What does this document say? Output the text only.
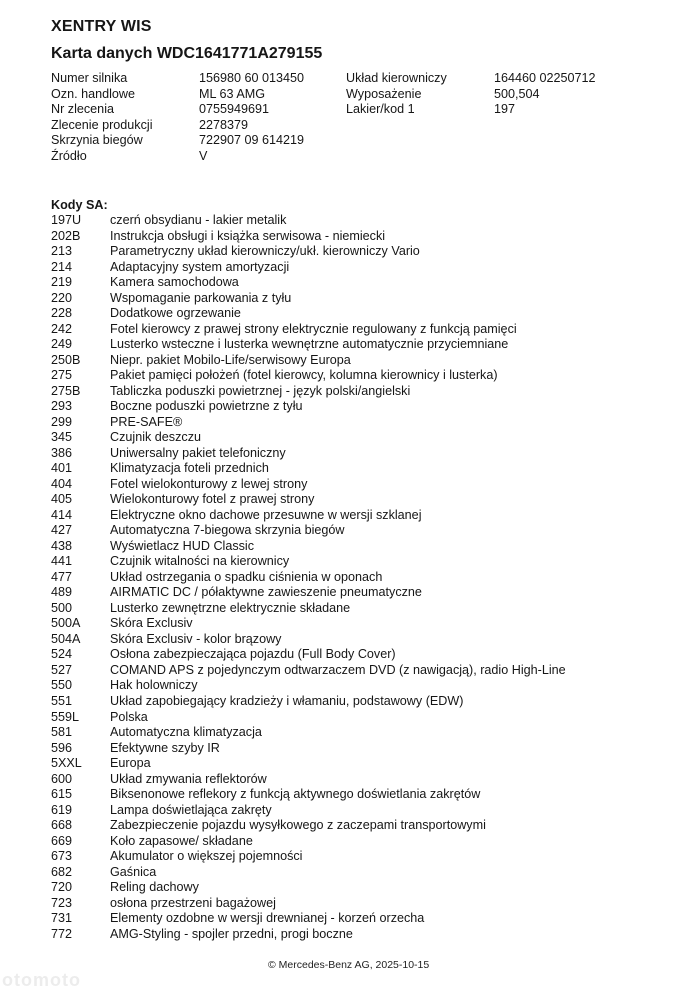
XENTRY WIS
Karta danych WDC1641771A279155
Numer silnika	156980 60 013450
Ozn. handlowe	ML 63 AMG
Nr zlecenia	0755949691
Zlecenie produkcji	2278379
Skrzynia biegów	722907 09 614219
Źródło	V
Układ kierowniczy	164460 02250712
Wyposażenie	500,504
Lakier/kod 1	197
Kody SA:
197U	czerń obsydianu - lakier metalik
202B	Instrukcja obsługi i książka serwisowa - niemiecki
213	Parametryczny układ kierowniczy/ukł. kierowniczy Vario
214	Adaptacyjny system amortyzacji
219	Kamera samochodowa
220	Wspomaganie parkowania z tyłu
228	Dodatkowe ogrzewanie
242	Fotel kierowcy z prawej strony elektrycznie regulowany z funkcją pamięci
249	Lusterko wsteczne i lusterka wewnętrzne automatycznie przyciemniane
250B	Niepr. pakiet Mobilo-Life/serwisowy Europa
275	Pakiet pamięci położeń (fotel kierowcy, kolumna kierownicy i lusterka)
275B	Tabliczka poduszki powietrznej - język polski/angielski
293	Boczne poduszki powietrzne z tyłu
299	PRE-SAFE®
345	Czujnik deszczu
386	Uniwersalny pakiet telefoniczny
401	Klimatyzacja foteli przednich
404	Fotel wielokonturowy z lewej strony
405	Wielokonturowy fotel z prawej strony
414	Elektryczne okno dachowe przesuwne w wersji szklanej
427	Automatyczna 7-biegowa skrzynia biegów
438	Wyświetlacz HUD Classic
441	Czujnik witalności na kierownicy
477	Układ ostrzegania o spadku ciśnienia w oponach
489	AIRMATIC DC / półaktywne zawieszenie pneumatyczne
500	Lusterko zewnętrzne elektrycznie składane
500A	Skóra Exclusiv
504A	Skóra Exclusiv - kolor brązowy
524	Osłona zabezpieczająca pojazdu (Full Body Cover)
527	COMAND APS z pojedynczym odtwarzaczem DVD (z nawigacją), radio High-Line
550	Hak holowniczy
551	Układ zapobiegający kradzieży i włamaniu, podstawowy (EDW)
559L	Polska
581	Automatyczna klimatyzacja
596	Efektywne szyby IR
5XXL	Europa
600	Układ zmywania reflektorów
615	Biksenonowe reflekory z funkcją aktywnego doświetlania zakrętów
619	Lampa doświetlająca zakręty
668	Zabezpieczenie pojazdu wysyłkowego z zaczepami transportowymi
669	Koło zapasowe/ składane
673	Akumulator o większej pojemności
682	Gaśnica
720	Reling dachowy
723	osłona przestrzeni bagażowej
731	Elementy ozdobne w wersji drewnianej - korzeń orzecha
772	AMG-Styling - spojler przedni, progi boczne
© Mercedes-Benz AG, 2025-10-15
otomoto
